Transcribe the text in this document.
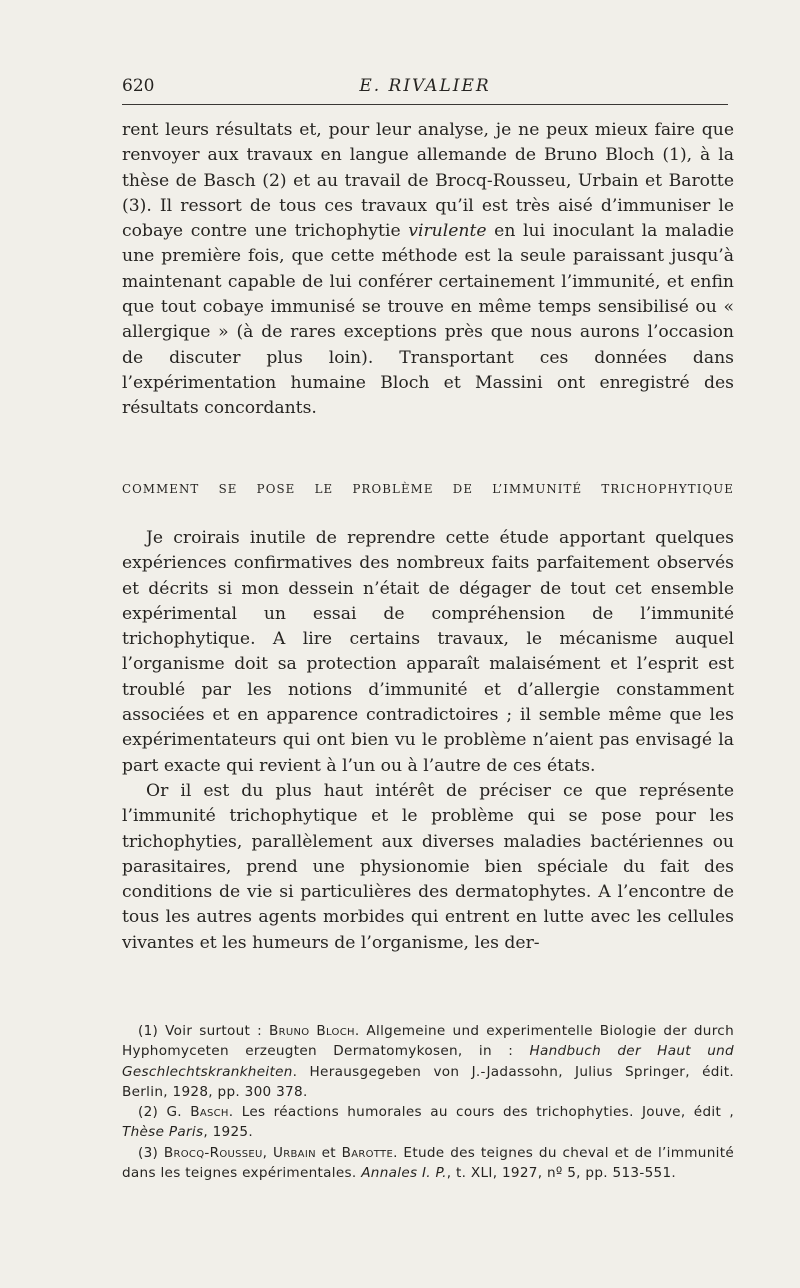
620	E. RIVALIER

rent leurs résultats et, pour leur analyse, je ne peux mieux faire que renvoyer aux travaux en langue allemande de Bruno Bloch (1), à la thèse de Basch (2) et au travail de Brocq-Rousseu, Urbain et Barotte (3). Il ressort de tous ces travaux qu’il est très aisé d’immuniser le cobaye contre une trichophytie virulente en lui inoculant la maladie une première fois, que cette méthode est la seule paraissant jusqu’à maintenant capable de lui conférer certainement l’immunité, et enfin que tout cobaye immunisé se trouve en même temps sensibilisé ou « allergique » (à de rares exceptions près que nous aurons l’occasion de discuter plus loin). Transportant ces données dans l’expérimentation humaine Bloch et Massini ont enregistré des résultats concordants.

COMMENT SE POSE LE PROBLÈME DE L’IMMUNITÉ TRICHOPHYTIQUE

Je croirais inutile de reprendre cette étude apportant quelques expériences confirmatives des nombreux faits parfaitement observés et décrits si mon dessein n’était de dégager de tout cet ensemble expérimental un essai de compréhension de l’immunité trichophytique. A lire certains travaux, le mécanisme auquel l’organisme doit sa protection apparaît malaisément et l’esprit est troublé par les notions d’immunité et d’allergie constamment associées et en apparence contradictoires ; il semble même que les expérimentateurs qui ont bien vu le problème n’aient pas envisagé la part exacte qui revient à l’un ou à l’autre de ces états.

Or il est du plus haut intérêt de préciser ce que représente l’immunité trichophytique et le problème qui se pose pour les trichophyties, parallèlement aux diverses maladies bactériennes ou parasitaires, prend une physionomie bien spéciale du fait des conditions de vie si particulières des dermatophytes. A l’encontre de tous les autres agents morbides qui entrent en lutte avec les cellules vivantes et les humeurs de l’organisme, les der-

(1) Voir surtout : Bruno Bloch. Allgemeine und experimentelle Biologie der durch Hyphomyceten erzeugten Dermatomykosen, in : Handbuch der Haut und Geschlechtskrankheiten. Herausgegeben von J.-Jadassohn, Julius Springer, édit. Berlin, 1928, pp. 300 378.

(2) G. Basch. Les réactions humorales au cours des trichophyties. Jouve, édit , Thèse Paris, 1925.

(3) Brocq-Rousseu, Urbain et Barotte. Etude des teignes du cheval et de l’immunité dans les teignes expérimentales. Annales I. P., t. XLI, 1927, nº 5, pp. 513-551.
